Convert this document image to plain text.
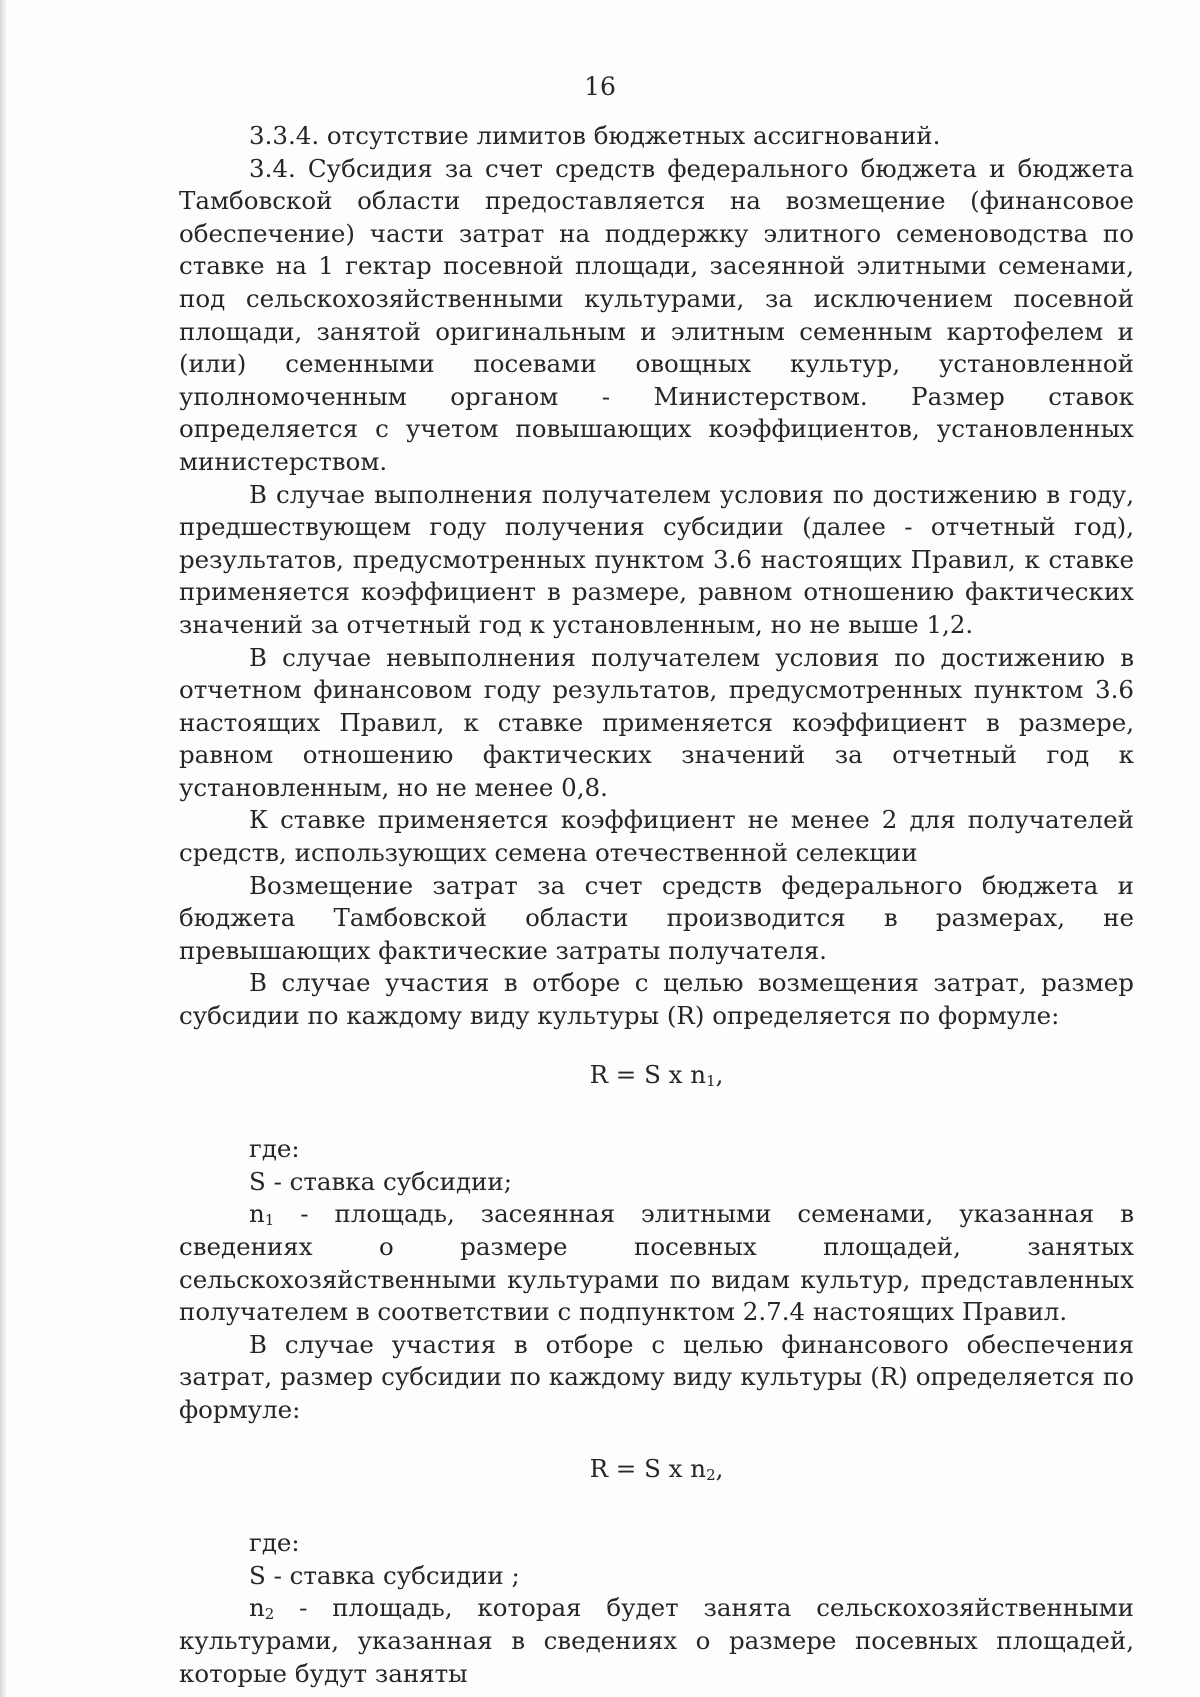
16

3.3.4. отсутствие лимитов бюджетных ассигнований.

3.4. Субсидия за счет средств федерального бюджета и бюджета Тамбовской области предоставляется на возмещение (финансовое обеспечение) части затрат на поддержку элитного семеноводства по ставке на 1 гектар посевной площади, засеянной элитными семенами, под сельскохозяйственными культурами, за исключением посевной площади, занятой оригинальным и элитным семенным картофелем и (или) семенными посевами овощных культур, установленной уполномоченным органом - Министерством. Размер ставок определяется с учетом повышающих коэффициентов, установленных министерством.

В случае выполнения получателем условия по достижению в году, предшествующем году получения субсидии (далее - отчетный год), результатов, предусмотренных пунктом 3.6 настоящих Правил, к ставке применяется коэффициент в размере, равном отношению фактических значений за отчетный год к установленным, но не выше 1,2.

В случае невыполнения получателем условия по достижению в отчетном финансовом году результатов, предусмотренных пунктом 3.6 настоящих Правил, к ставке применяется коэффициент в размере, равном отношению фактических значений за отчетный год к установленным, но не менее 0,8.

К ставке применяется коэффициент не менее 2 для получателей средств, использующих семена отечественной селекции

Возмещение затрат за счет средств федерального бюджета и бюджета Тамбовской области производится в размерах, не превышающих фактические затраты получателя.

В случае участия в отборе с целью возмещения затрат, размер субсидии по каждому виду культуры (R) определяется по формуле:

R = S x $n_1$,

где:

S - ставка субсидии;

$n_1$ - площадь, засеянная элитными семенами, указанная в сведениях о размере посевных площадей, занятых сельскохозяйственными культурами по видам культур, представленных получателем в соответствии с подпунктом 2.7.4 настоящих Правил.

В случае участия в отборе с целью финансового обеспечения затрат, размер субсидии по каждому виду культуры (R) определяется по формуле:

R = S x $n_2$,

где:

S - ставка субсидии ;

$n_2$ - площадь, которая будет занята сельскохозяйственными культурами, указанная в сведениях о размере посевных площадей, которые будут заняты
